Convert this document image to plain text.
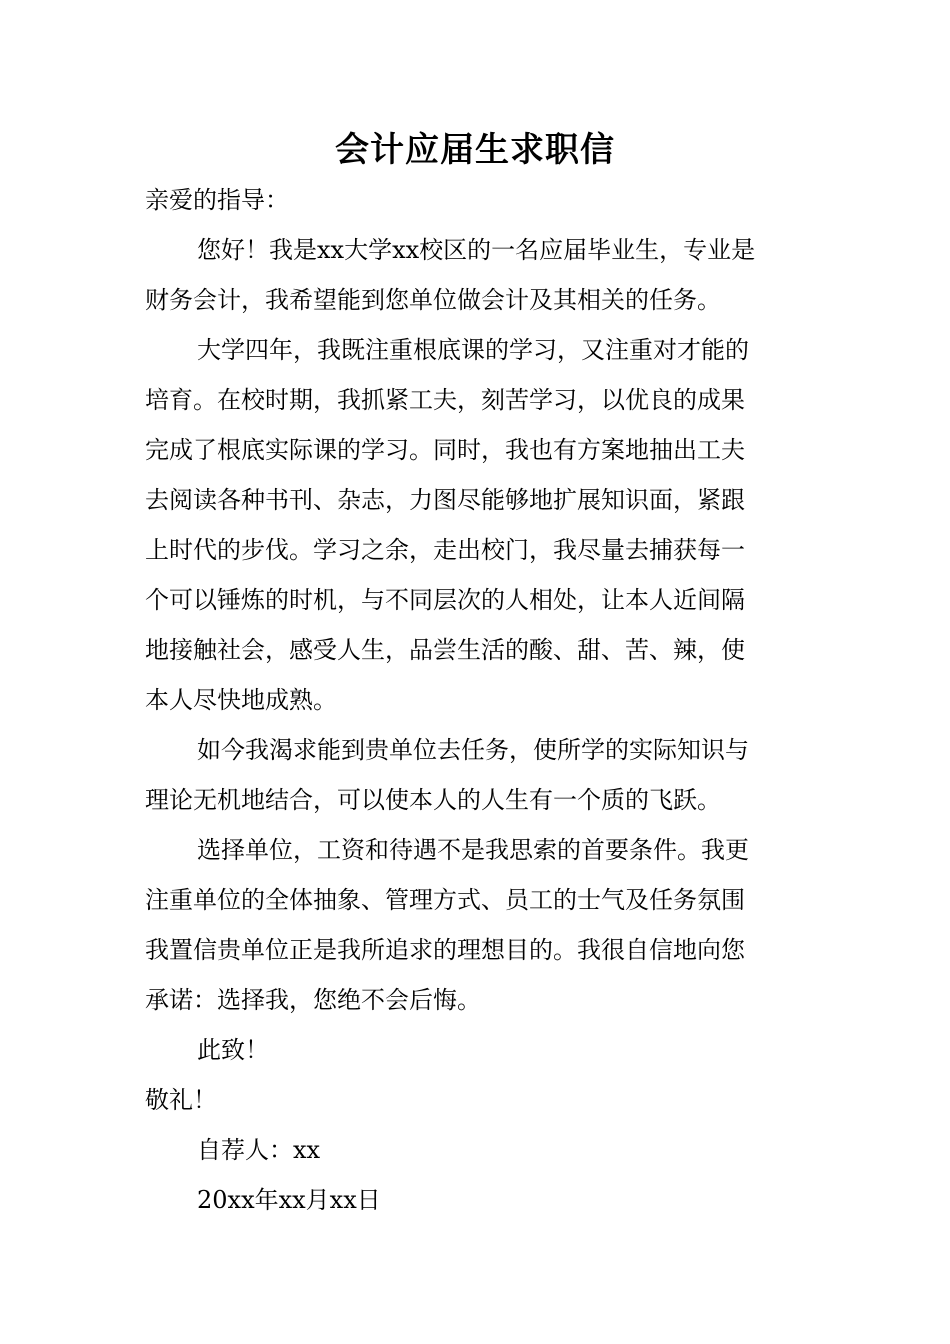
会计应届生求职信
亲爱的指导：
您好！我是xx大学xx校区的一名应届毕业生，专业是
财务会计，我希望能到您单位做会计及其相关的任务。
大学四年，我既注重根底课的学习，又注重对才能的
培育。在校时期，我抓紧工夫，刻苦学习，以优良的成果
完成了根底实际课的学习。同时，我也有方案地抽出工夫
去阅读各种书刊、杂志，力图尽能够地扩展知识面，紧跟
上时代的步伐。学习之余，走出校门，我尽量去捕获每一
个可以锤炼的时机，与不同层次的人相处，让本人近间隔
地接触社会，感受人生，品尝生活的酸、甜、苦、辣，使
本人尽快地成熟。
如今我渴求能到贵单位去任务，使所学的实际知识与
理论无机地结合，可以使本人的人生有一个质的飞跃。
选择单位，工资和待遇不是我思索的首要条件。我更
注重单位的全体抽象、管理方式、员工的士气及任务氛围
我置信贵单位正是我所追求的理想目的。我很自信地向您
承诺：选择我，您绝不会后悔。
此致！
敬礼！
自荐人：xx
20xx年xx月xx日
